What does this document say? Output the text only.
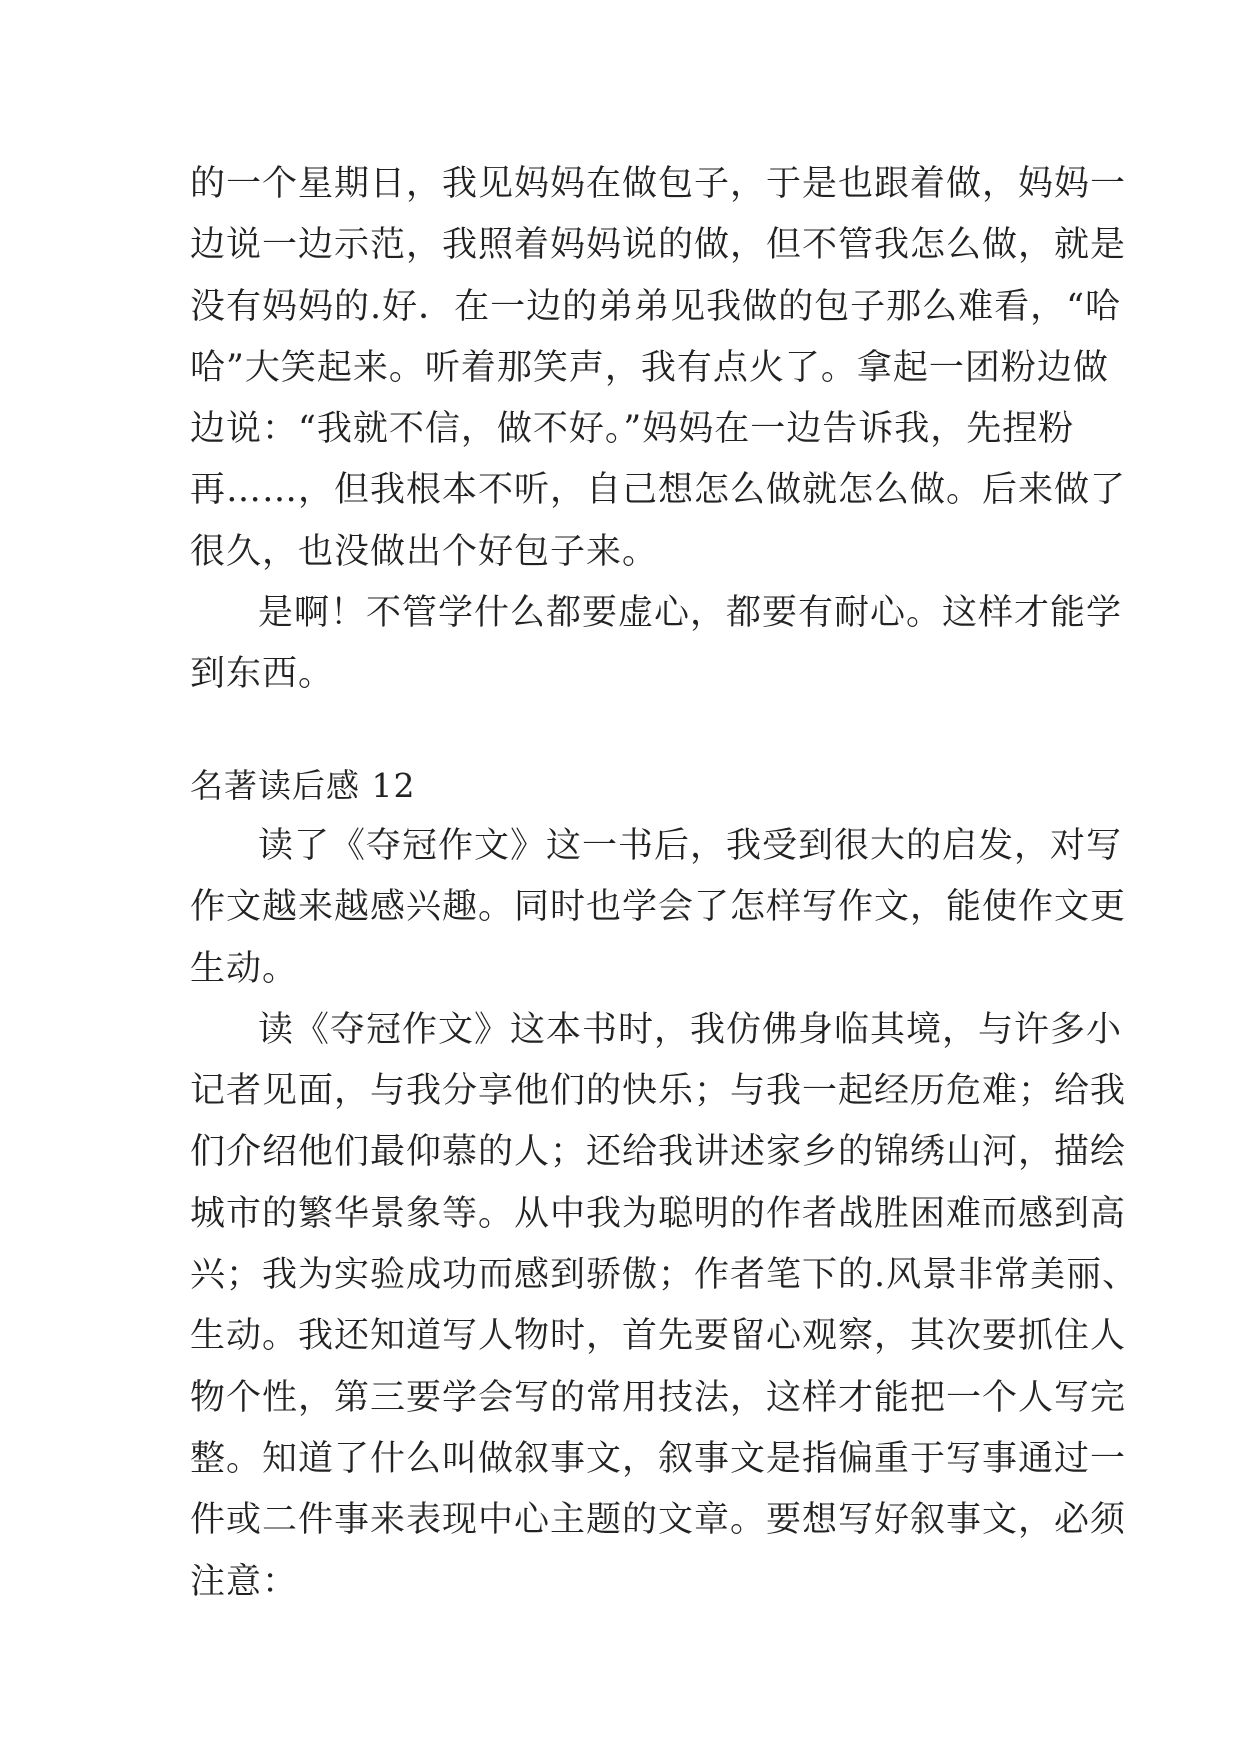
的一个星期日，我见妈妈在做包子，于是也跟着做，妈妈一
边说一边示范，我照着妈妈说的做，但不管我怎么做，就是
没有妈妈的.好．在一边的弟弟见我做的包子那么难看，“哈
哈”大笑起来。听着那笑声，我有点火了。拿起一团粉边做
边说：“我就不信，做不好。”妈妈在一边告诉我，先捏粉
再……，但我根本不听，自己想怎么做就怎么做。后来做了
很久，也没做出个好包子来。
是啊！不管学什么都要虚心，都要有耐心。这样才能学
到东西。
名著读后感 12
读了《夺冠作文》这一书后，我受到很大的启发，对写
作文越来越感兴趣。同时也学会了怎样写作文，能使作文更
生动。
读《夺冠作文》这本书时，我仿佛身临其境，与许多小
记者见面，与我分享他们的快乐；与我一起经历危难；给我
们介绍他们最仰慕的人；还给我讲述家乡的锦绣山河，描绘
城市的繁华景象等。从中我为聪明的作者战胜困难而感到高
兴；我为实验成功而感到骄傲；作者笔下的.风景非常美丽、
生动。我还知道写人物时，首先要留心观察，其次要抓住人
物个性，第三要学会写的常用技法，这样才能把一个人写完
整。知道了什么叫做叙事文，叙事文是指偏重于写事通过一
件或二件事来表现中心主题的文章。要想写好叙事文，必须
注意：
